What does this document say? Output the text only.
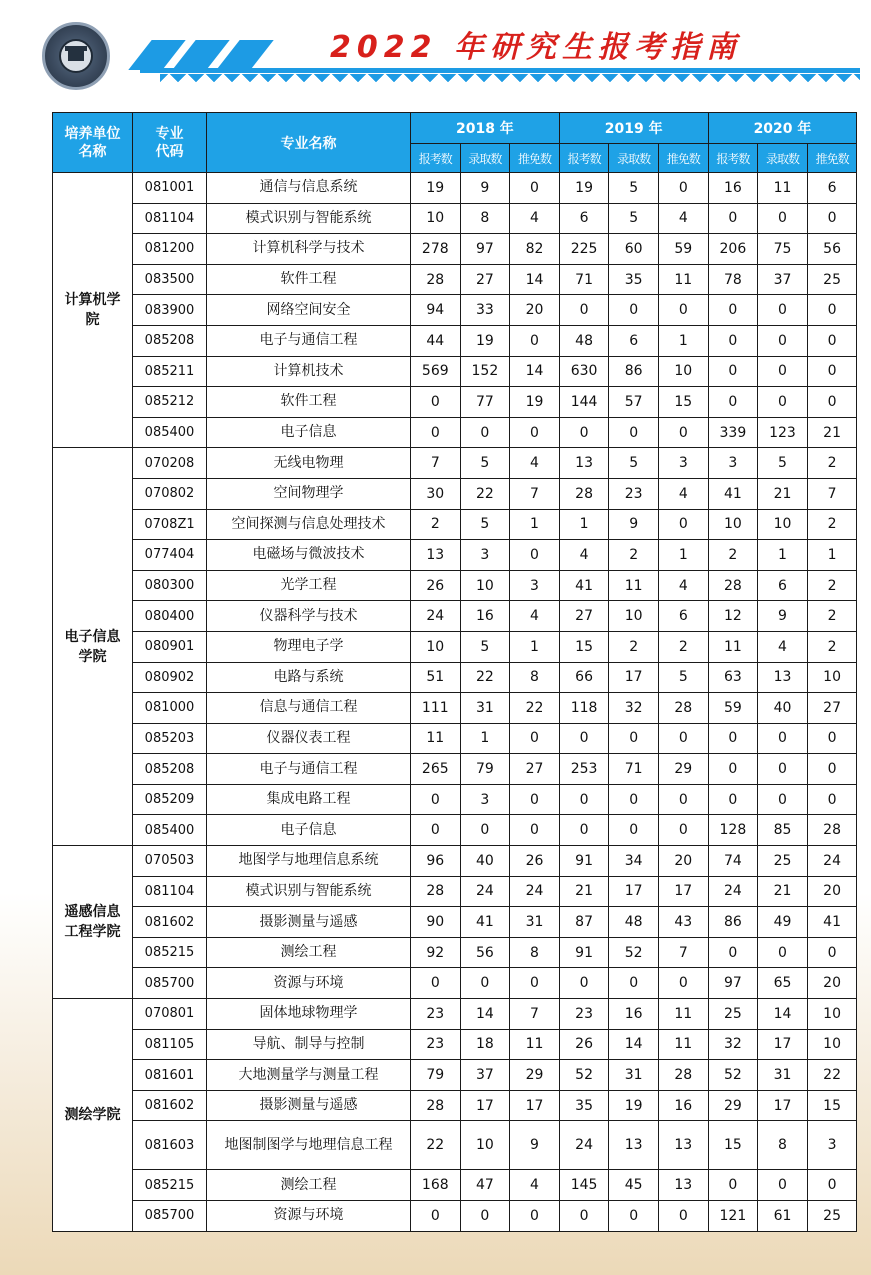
2022 年研究生报考指南
培养单位名称	专业代码	专业名称	2018 年			2019 年			2020 年		
			报考数	录取数	推免数	报考数	录取数	推免数	报考数	录取数	推免数
计算机学院	081001	通信与信息系统	19	9	0	19	5	0	16	11	6
	081104	模式识别与智能系统	10	8	4	6	5	4	0	0	0
	081200	计算机科学与技术	278	97	82	225	60	59	206	75	56
	083500	软件工程	28	27	14	71	35	11	78	37	25
	083900	网络空间安全	94	33	20	0	0	0	0	0	0
	085208	电子与通信工程	44	19	0	48	6	1	0	0	0
	085211	计算机技术	569	152	14	630	86	10	0	0	0
	085212	软件工程	0	77	19	144	57	15	0	0	0
	085400	电子信息	0	0	0	0	0	0	339	123	21
电子信息学院	070208	无线电物理	7	5	4	13	5	3	3	5	2
	070802	空间物理学	30	22	7	28	23	4	41	21	7
	0708Z1	空间探测与信息处理技术	2	5	1	1	9	0	10	10	2
	077404	电磁场与微波技术	13	3	0	4	2	1	2	1	1
	080300	光学工程	26	10	3	41	11	4	28	6	2
	080400	仪器科学与技术	24	16	4	27	10	6	12	9	2
	080901	物理电子学	10	5	1	15	2	2	11	4	2
	080902	电路与系统	51	22	8	66	17	5	63	13	10
	081000	信息与通信工程	111	31	22	118	32	28	59	40	27
	085203	仪器仪表工程	11	1	0	0	0	0	0	0	0
	085208	电子与通信工程	265	79	27	253	71	29	0	0	0
	085209	集成电路工程	0	3	0	0	0	0	0	0	0
	085400	电子信息	0	0	0	0	0	0	128	85	28
遥感信息工程学院	070503	地图学与地理信息系统	96	40	26	91	34	20	74	25	24
	081104	模式识别与智能系统	28	24	24	21	17	17	24	21	20
	081602	摄影测量与遥感	90	41	31	87	48	43	86	49	41
	085215	测绘工程	92	56	8	91	52	7	0	0	0
	085700	资源与环境	0	0	0	0	0	0	97	65	20
测绘学院	070801	固体地球物理学	23	14	7	23	16	11	25	14	10
	081105	导航、制导与控制	23	18	11	26	14	11	32	17	10
	081601	大地测量学与测量工程	79	37	29	52	31	28	52	31	22
	081602	摄影测量与遥感	28	17	17	35	19	16	29	17	15
	081603	地图制图学与地理信息工程	22	10	9	24	13	13	15	8	3
	085215	测绘工程	168	47	4	145	45	13	0	0	0
	085700	资源与环境	0	0	0	0	0	0	121	61	25
